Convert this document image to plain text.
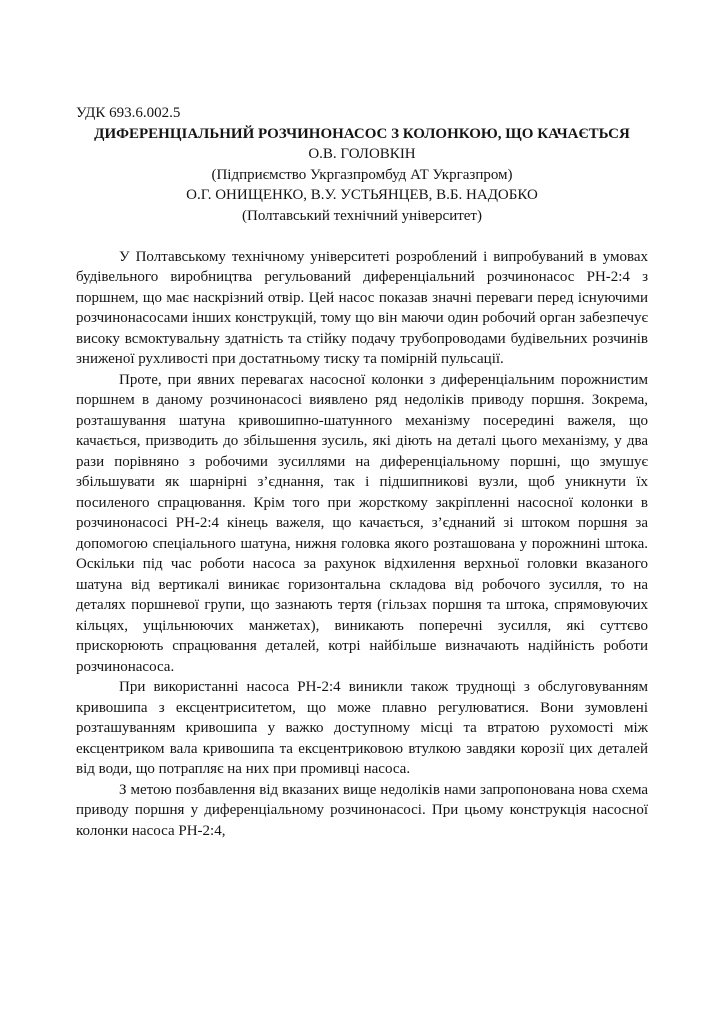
УДК 693.6.002.5

ДИФЕРЕНЦІАЛЬНИЙ РОЗЧИНОНАСОС З КОЛОНКОЮ, ЩО КАЧАЄТЬСЯ

О.В. ГОЛОВКІН

(Підприємство Укргазпромбуд АТ Укргазпром)

О.Г. ОНИЩЕНКО, В.У. УСТЬЯНЦЕВ, В.Б. НАДОБКО

(Полтавський технічний університет)

У Полтавському технічному університеті розроблений і випробуваний в умовах будівельного виробництва регульований диференціальний розчинонасос РН-2:4 з поршнем, що має наскрізний отвір. Цей насос показав значні переваги перед існуючими розчинонасосами інших конструкцій, тому що він маючи один робочий орган забезпечує високу всмоктувальну здатність та стійку подачу трубопроводами будівельних розчинів зниженої рухливості при достатньому тиску та помірній пульсації.

Проте, при явних перевагах насосної колонки з диференціальним порожнистим поршнем в даному розчинонасосі виявлено ряд недоліків приводу поршня. Зокрема, розташування шатуна кривошипно-шатунного механізму посередині важеля, що качається, призводить до збільшення зусиль, які діють на деталі цього механізму, у два рази порівняно з робочими зусиллями на диференціальному поршні, що змушує збільшувати як шарнірні з’єднання, так і підшипникові вузли, щоб уникнути їх посиленого спрацювання. Крім того при жорсткому закріпленні насосної колонки в розчинонасосі РН-2:4 кінець важеля, що качається, з’єднаний зі штоком поршня за допомогою спеціального шатуна, нижня головка якого розташована у порожнині штока. Оскільки під час роботи насоса за рахунок відхилення верхньої головки вказаного шатуна від вертикалі виникає горизонтальна складова від робочого зусилля, то на деталях поршневої групи, що зазнають тертя (гільзах поршня та штока, спрямовуючих кільцях, ущільнюючих манжетах), виникають поперечні зусилля, які суттєво прискорюють спрацювання деталей, котрі найбільше визначають надійність роботи розчинонасоса.

При використанні насоса РН-2:4 виникли також труднощі з обслуговуванням кривошипа з ексцентриситетом, що може плавно регулюватися. Вони зумовлені розташуванням кривошипа у важко доступному місці та втратою рухомості між ексцентриком вала кривошипа та ексцентриковою втулкою завдяки корозії цих деталей від води, що потрапляє на них при промивці насоса.

З метою позбавлення від вказаних вище недоліків нами запропонована нова схема приводу поршня у диференціальному розчинонасосі. При цьому конструкція насосної колонки насоса РН-2:4,
